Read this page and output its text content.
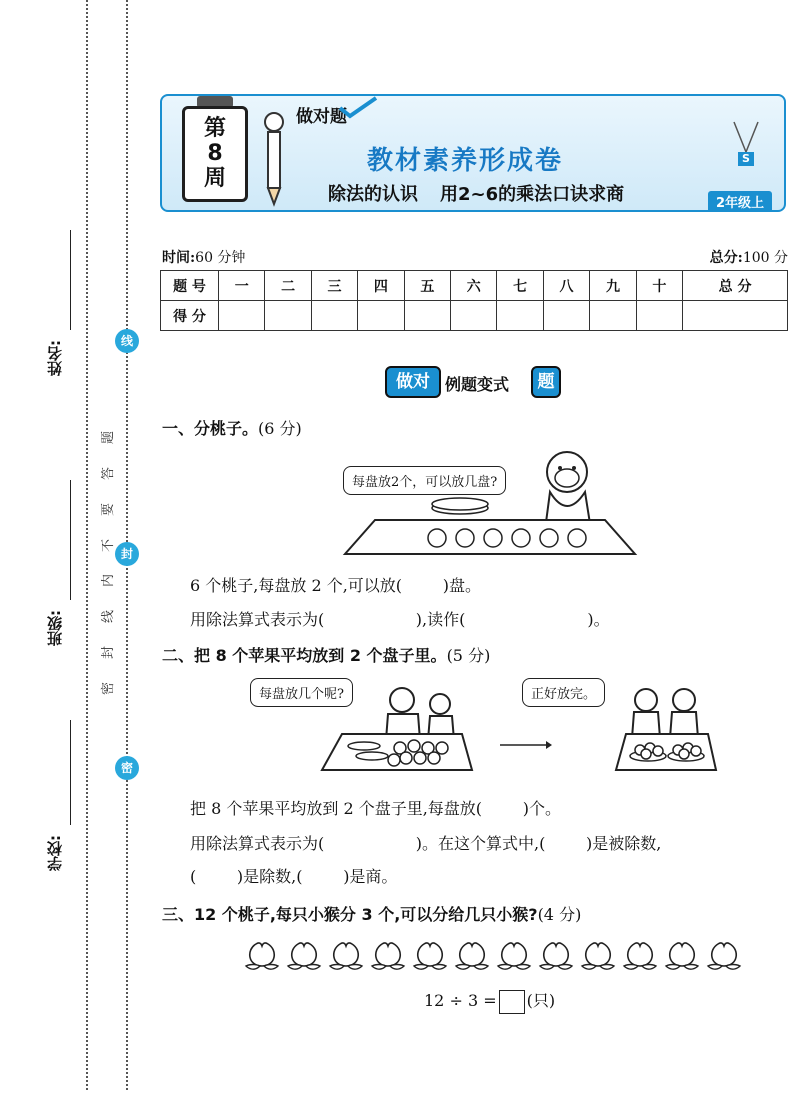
姓名:
班级:
学校:
线
封
密
题
答
要
不
内
线
封
密
第
8
周
做对题
教材素养形成卷
除法的认识 用2~6的乘法口诀求商
S
2年级上
时间:60 分钟	总分:100 分
题 号	一	二	三	四	五	六	七	八	九	十	总 分
得 分											
做对 例题变式	题
一、分桃子。(6 分)
每盘放2个，可以放几盘?
6 个桃子,每盘放 2 个,可以放(        )盘。
用除法算式表示为(                  ),读作(                        )。
二、把 8 个苹果平均放到 2 个盘子里。(5 分)
每盘放几个呢?	正好放完。
把 8 个苹果平均放到 2 个盘子里,每盘放(        )个。
用除法算式表示为(                  )。在这个算式中,(        )是被除数,
(        )是除数,(        )是商。
三、12 个桃子,每只小猴分 3 个,可以分给几只小猴?(4 分)
12 ÷ 3 = (只)
